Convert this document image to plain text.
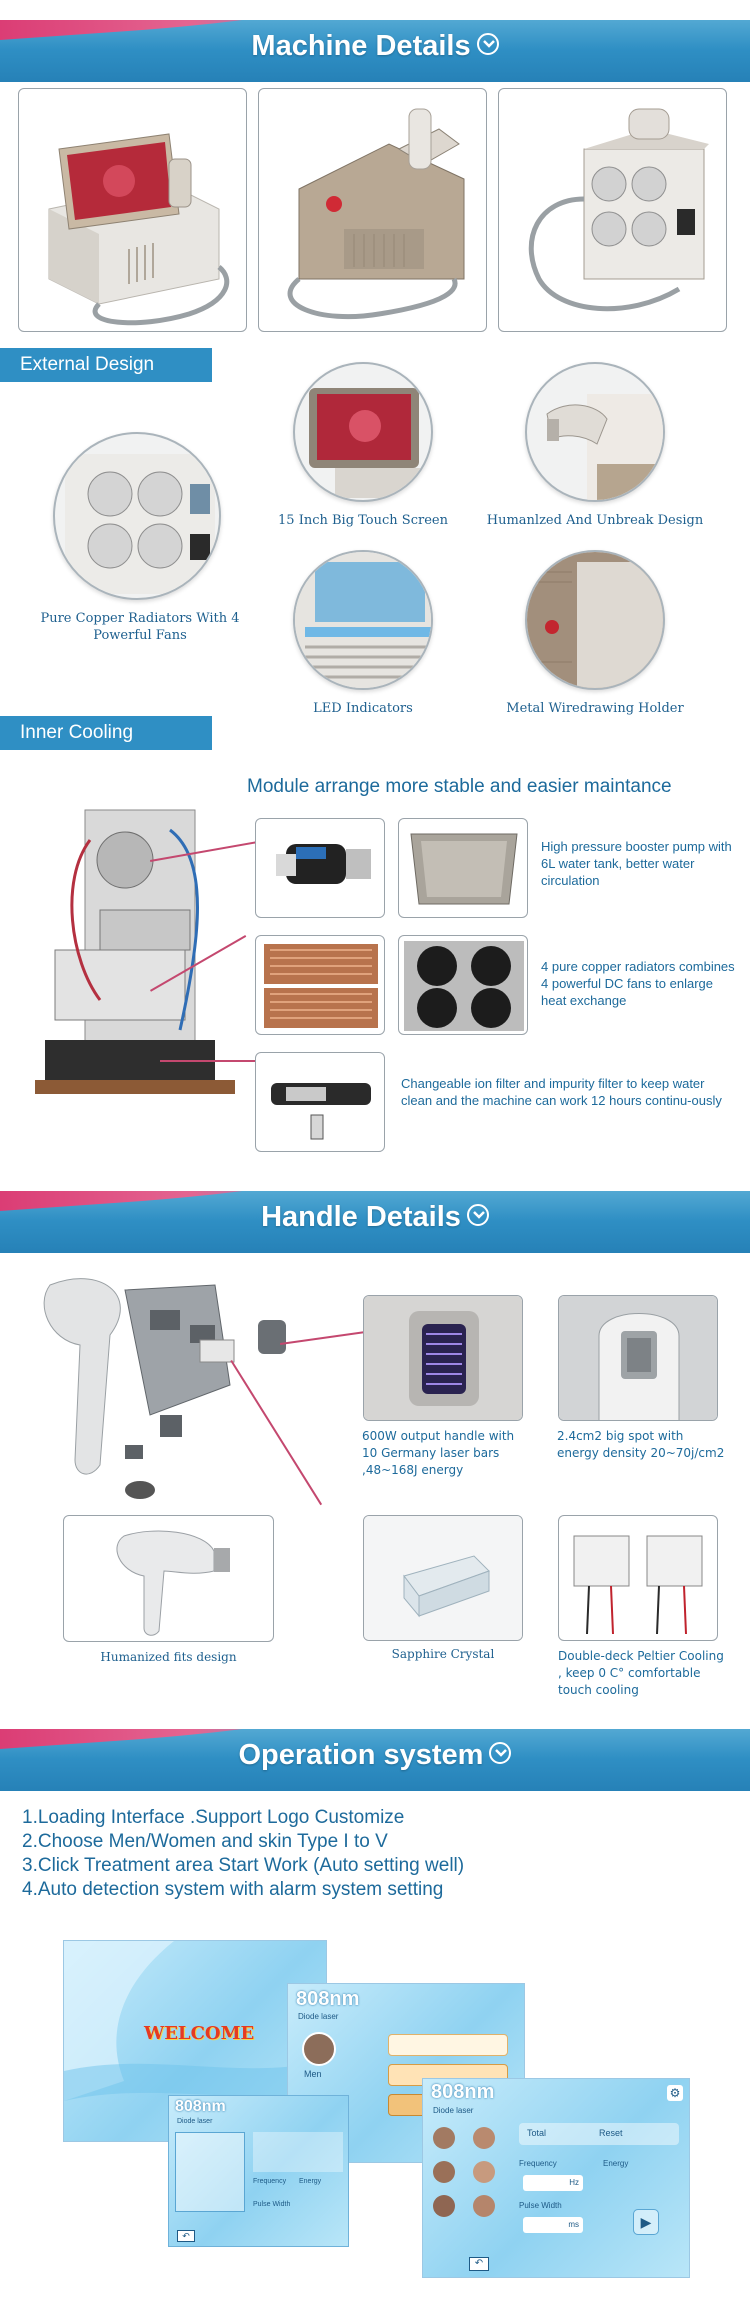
Machine Details
External Design
15 Inch Big Touch Screen	Humanlzed And Unbreak Design
Pure Copper Radiators With 4 Powerful Fans
LED Indicators	Metal Wiredrawing Holder
Inner Cooling
Module arrange more stable and easier maintance
High pressure booster pump with 6L water tank, better water circulation
4 pure copper radiators combines 4 powerful DC fans to enlarge heat exchange
Changeable ion filter and impurity filter to keep water clean and the machine can work 12 hours continu-ously
Handle Details
600W output handle with 10 Germany laser bars ,48~168J energy
2.4cm2 big spot with energy density 20~70j/cm2
Humanized fits design	Sapphire Crystal	Double-deck Peltier Cooling , keep 0 C° comfortable touch cooling
Operation system
1.Loading Interface .Support Logo Customize
2.Choose Men/Women and skin Type I to V
3.Click Treatment area Start Work (Auto setting well)
4.Auto detection system with alarm system setting
WELCOME
808nm
Diode laser
Men
808nm
Diode laser
Frequency Energy
Pulse Width
↶
808nm
Diode laser
⚙
Total	Reset
Frequency	Energy
Hz
Pulse Width
ms	▶
↶
